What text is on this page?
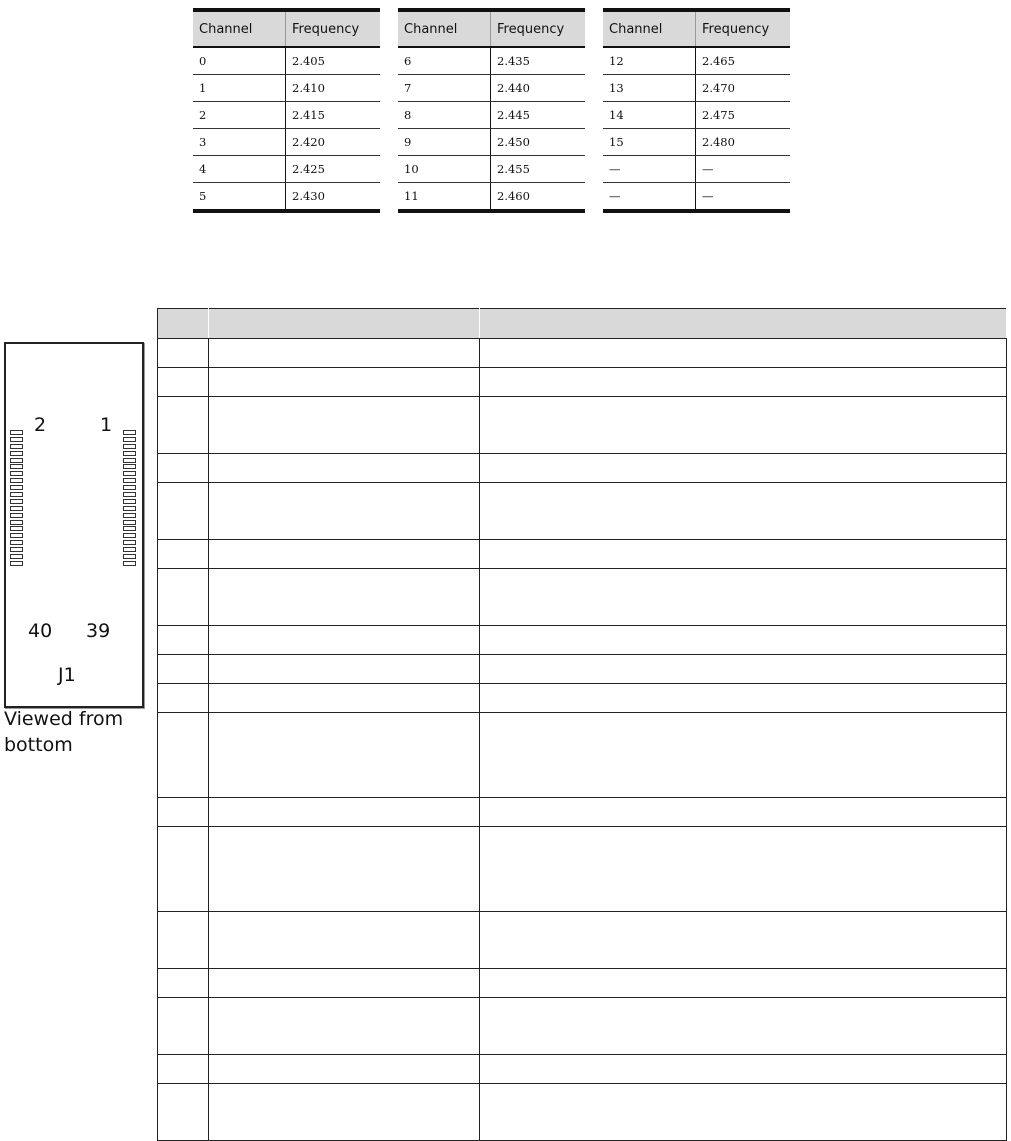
Channel	Frequency
0	2.405
1	2.410
2	2.415
3	2.420
4	2.425
5	2.430
Channel	Frequency
6	2.435
7	2.440
8	2.445
9	2.450
10	2.455
11	2.460
Channel	Frequency
12	2.465
13	2.470
14	2.475
15	2.480
—	—
—	—
2	1
40 39
J1
Viewed from
bottom
